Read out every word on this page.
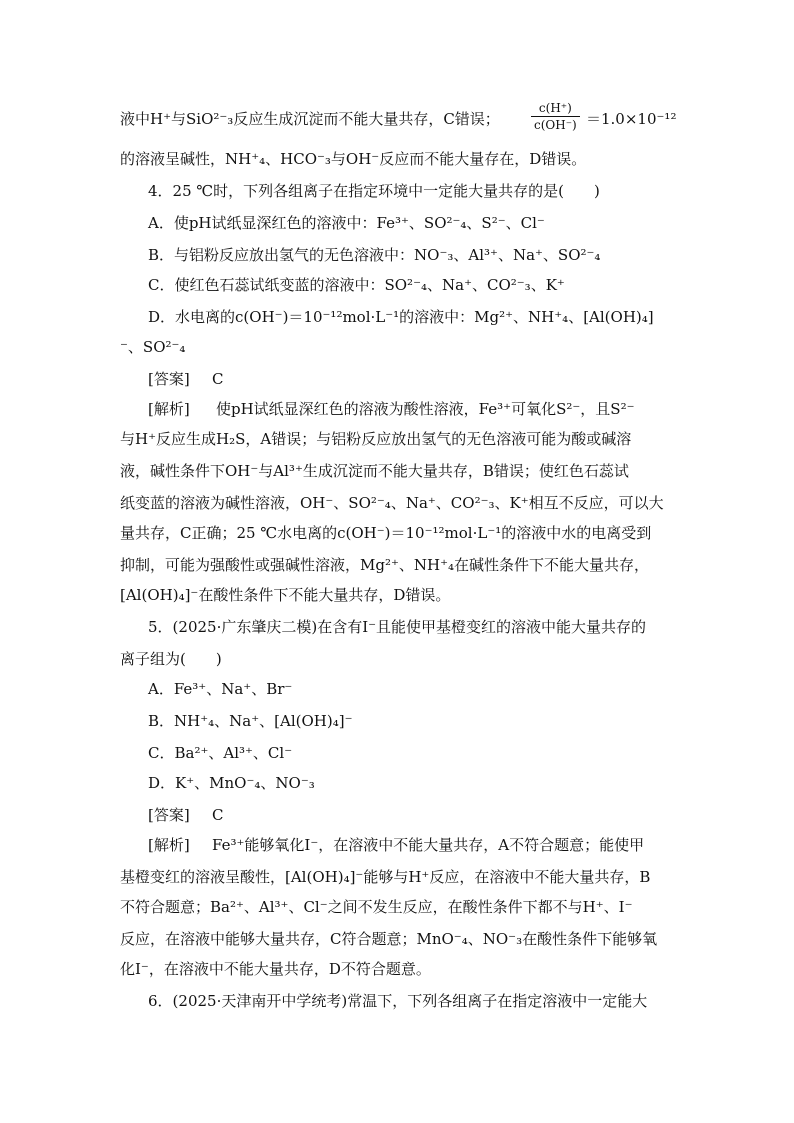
液中H⁺与SiO²⁻₃反应生成沉淀而不能大量共存，C错误；	$\frac{c(H^+)}{c(OH^-)} =1.0\times 10^{-12}$
的溶液呈碱性，NH⁺₄、HCO⁻₃与OH⁻反应而不能大量存在，D错误。
4．25 ℃时，下列各组离子在指定环境中一定能大量共存的是(　　)
A．使pH试纸显深红色的溶液中：Fe³⁺、SO²⁻₄、S²⁻、Cl⁻
B．与铝粉反应放出氢气的无色溶液中：NO⁻₃、Al³⁺、Na⁺、SO²⁻₄
C．使红色石蕊试纸变蓝的溶液中：SO²⁻₄、Na⁺、CO²⁻₃、K⁺
D．水电离的c(OH⁻)＝10⁻¹²mol·L⁻¹的溶液中：Mg²⁺、NH⁺₄、[Al(OH)₄]
⁻、SO²⁻₄
[答案] C
[解析] 使pH试纸显深红色的溶液为酸性溶液，Fe³⁺可氧化S²⁻，且S²⁻
与H⁺反应生成H₂S，A错误；与铝粉反应放出氢气的无色溶液可能为酸或碱溶
液，碱性条件下OH⁻与Al³⁺生成沉淀而不能大量共存，B错误；使红色石蕊试
纸变蓝的溶液为碱性溶液，OH⁻、SO²⁻₄、Na⁺、CO²⁻₃、K⁺相互不反应，可以大
量共存，C正确；25 ℃水电离的c(OH⁻)＝10⁻¹²mol·L⁻¹的溶液中水的电离受到
抑制，可能为强酸性或强碱性溶液，Mg²⁺、NH⁺₄在碱性条件下不能大量共存，
[Al(OH)₄]⁻在酸性条件下不能大量共存，D错误。
5．(2025·广东肇庆二模)在含有I⁻且能使甲基橙变红的溶液中能大量共存的
离子组为(　　)
A．Fe³⁺、Na⁺、Br⁻
B．NH⁺₄、Na⁺、[Al(OH)₄]⁻
C．Ba²⁺、Al³⁺、Cl⁻
D．K⁺、MnO⁻₄、NO⁻₃
[答案] C
[解析] Fe³⁺能够氧化I⁻，在溶液中不能大量共存，A不符合题意；能使甲
基橙变红的溶液呈酸性，[Al(OH)₄]⁻能够与H⁺反应，在溶液中不能大量共存，B
不符合题意；Ba²⁺、Al³⁺、Cl⁻之间不发生反应，在酸性条件下都不与H⁺、I⁻
反应，在溶液中能够大量共存，C符合题意；MnO⁻₄、NO⁻₃在酸性条件下能够氧
化I⁻，在溶液中不能大量共存，D不符合题意。
6．(2025·天津南开中学统考)常温下，下列各组离子在指定溶液中一定能大
